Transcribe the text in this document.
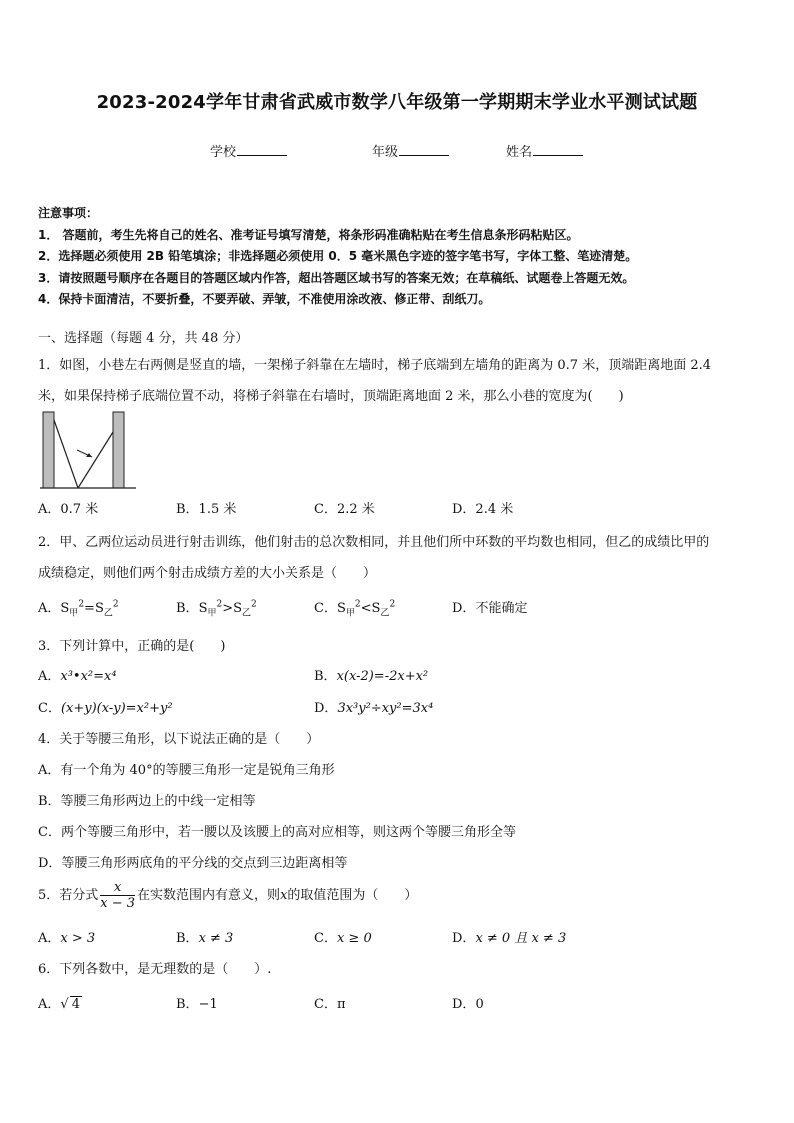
2023-2024学年甘肃省武威市数学八年级第一学期期末学业水平测试试题
学校	年级	姓名
注意事项：
1． 答题前，考生先将自己的姓名、准考证号填写清楚，将条形码准确粘贴在考生信息条形码粘贴区。
2．选择题必须使用 2B 铅笔填涂；非选择题必须使用 0．5 毫米黑色字迹的签字笔书写，字体工整、笔迹清楚。
3．请按照题号顺序在各题目的答题区域内作答，超出答题区域书写的答案无效；在草稿纸、试题卷上答题无效。
4．保持卡面清洁，不要折叠，不要弄破、弄皱，不准使用涂改液、修正带、刮纸刀。
一、选择题（每题 4 分，共 48 分）
1．如图，小巷左右两侧是竖直的墙，一架梯子斜靠在左墙时，梯子底端到左墙角的距离为 0.7 米，顶端距离地面 2.4
米，如果保持梯子底端位置不动，将梯子斜靠在右墙时，顶端距离地面 2 米，那么小巷的宽度为(　　)
A．0.7 米	B．1.5 米	C．2.2 米	D．2.4 米
2．甲、乙两位运动员进行射击训练，他们射击的总次数相同，并且他们所中环数的平均数也相同，但乙的成绩比甲的
成绩稳定，则他们两个射击成绩方差的大小关系是（　　）
A．$S_甲^2=S_乙^2$	B．$S_甲^2>S_乙^2$	C．$S_甲^2<S_乙^2$	D．不能确定
3．下列计算中，正确的是(　　)
A．x³•x²=x⁴	B．x(x-2)=-2x+x²
C．(x+y)(x-y)=x²+y²	D．3x³y²÷xy²=3x⁴
4．关于等腰三角形，以下说法正确的是（　　）
A．有一个角为 40°的等腰三角形一定是锐角三角形
B．等腰三角形两边上的中线一定相等
C．两个等腰三角形中，若一腰以及该腰上的高对应相等，则这两个等腰三角形全等
D．等腰三角形两底角的平分线的交点到三边距离相等
5．若分式 $\frac{x}{x - 3}$ 在实数范围内有意义，则x的取值范围为（　　）
A．x > 3	B．x ≠ 3	C．x ≥ 0	D．x ≠ 0 且 x ≠ 3
6．下列各数中，是无理数的是（　　）.
A．√ 4	B．−1	C．π	D．0
